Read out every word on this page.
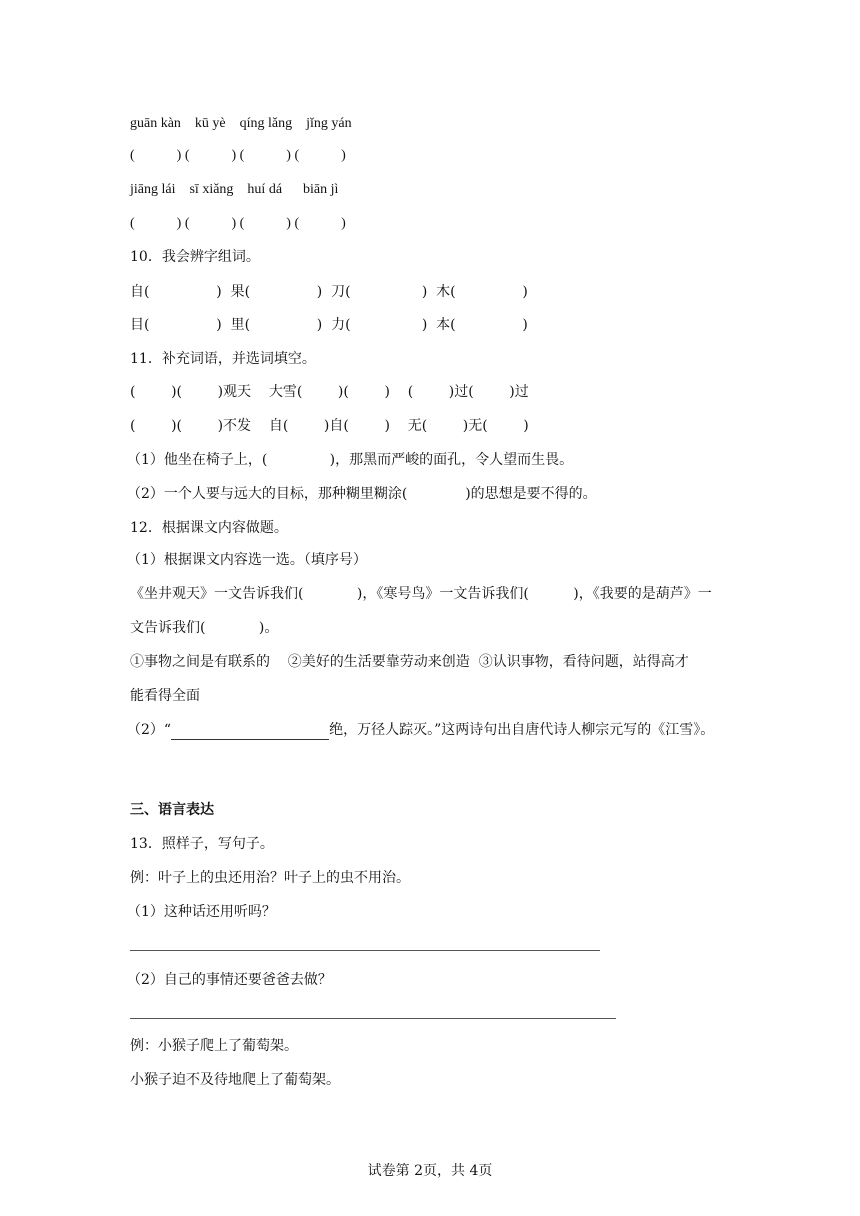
guān kàn    kū yè    qíng lǎng    jǐng yán
(            ) (            ) (            ) (            )
jiāng lái    sī xiǎng    huí dá      biān jì
(            ) (            ) (            ) (            )
10．我会辨字组词。
自(               )  果(               )  刀(                )  木(               )
目(               )  里(               )  力(                )  本(               )
11．补充词语，并选词填空。
(        )(        )观天    大雪(        )(        )    (        )过(        )过
(        )(        )不发    自(        )自(        )    无(        )无(        )
（1）他坐在椅子上，(              )，那黑而严峻的面孔，令人望而生畏。
（2）一个人要与远大的目标，那种糊里糊涂(             )的思想是要不得的。
12．根据课文内容做题。
（1）根据课文内容选一选。（填序号）
《坐井观天》一文告诉我们(            )，《寒号鸟》一文告诉我们(          )，《我要的是葫芦》一
文告诉我们(            )。
①事物之间是有联系的    ②美好的生活要靠劳动来创造  ③认识事物，看待问题，站得高才
能看得全面
（2）“	绝，万径人踪灭。”这两诗句出自唐代诗人柳宗元写的《江雪》。
三、语言表达
13．照样子，写句子。
例：叶子上的虫还用治？叶子上的虫不用治。
（1）这种话还用听吗？
（2）自己的事情还要爸爸去做？
例：小猴子爬上了葡萄架。
小猴子迫不及待地爬上了葡萄架。
试卷第 2页，共 4页
